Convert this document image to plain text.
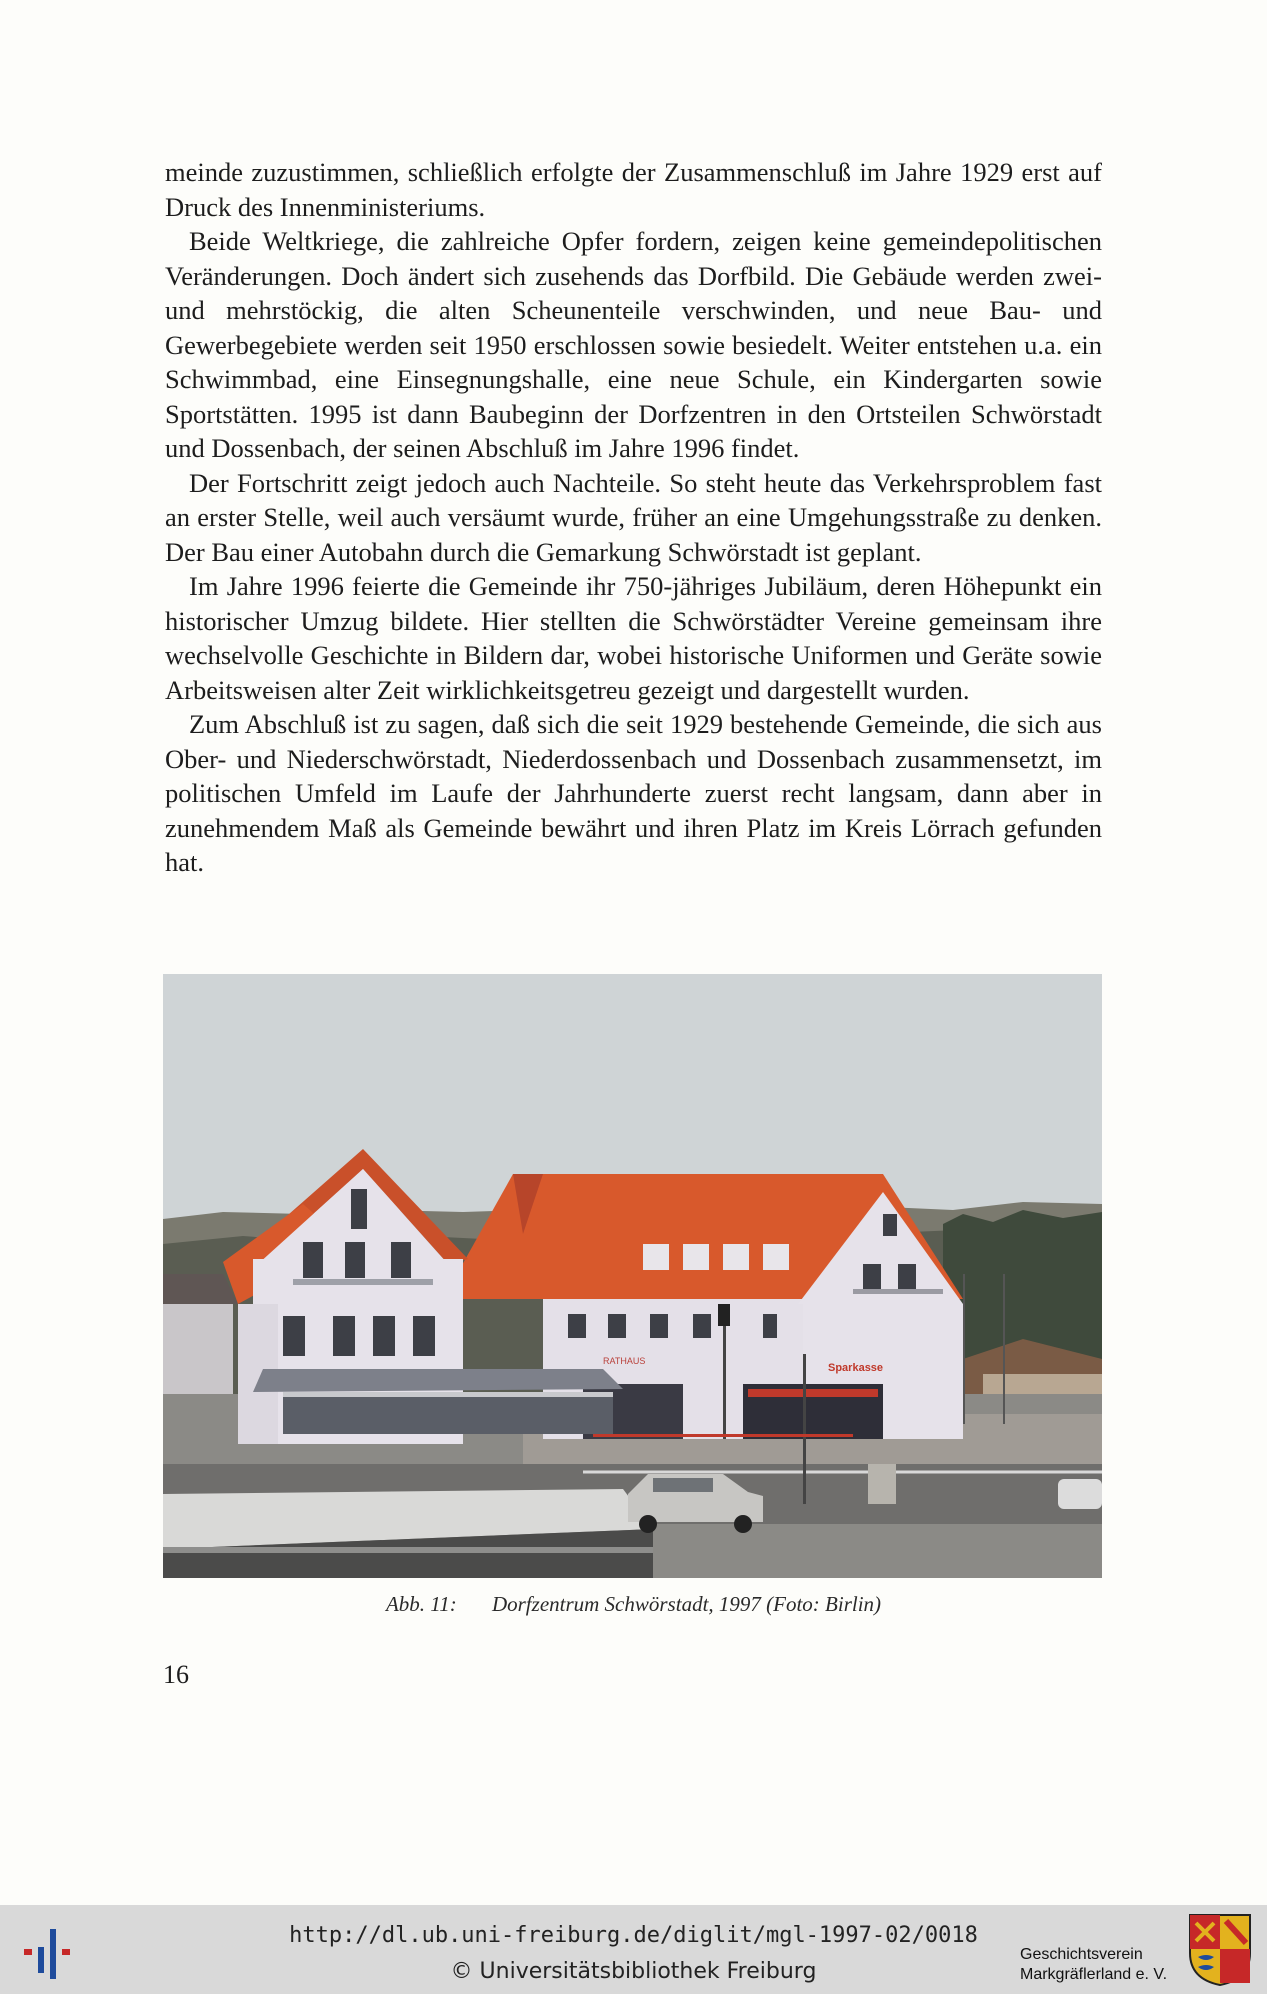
meinde zuzustimmen, schließlich erfolgte der Zusammenschluß im Jahre 1929 erst auf Druck des Innenministeriums.

Beide Weltkriege, die zahlreiche Opfer fordern, zeigen keine gemeindepolitischen Veränderungen. Doch ändert sich zusehends das Dorfbild. Die Gebäude werden zwei- und mehrstöckig, die alten Scheunenteile verschwinden, und neue Bau- und Gewerbegebiete werden seit 1950 erschlossen sowie besiedelt. Weiter entstehen u.a. ein Schwimmbad, eine Einsegnungshalle, eine neue Schule, ein Kindergarten sowie Sportstätten. 1995 ist dann Baubeginn der Dorfzentren in den Ortsteilen Schwörstadt und Dossenbach, der seinen Abschluß im Jahre 1996 findet.

Der Fortschritt zeigt jedoch auch Nachteile. So steht heute das Verkehrsproblem fast an erster Stelle, weil auch versäumt wurde, früher an eine Umgehungsstraße zu denken. Der Bau einer Autobahn durch die Gemarkung Schwörstadt ist geplant.

Im Jahre 1996 feierte die Gemeinde ihr 750-jähriges Jubiläum, deren Höhepunkt ein historischer Umzug bildete. Hier stellten die Schwörstädter Vereine gemeinsam ihre wechselvolle Geschichte in Bildern dar, wobei historische Uniformen und Geräte sowie Arbeitsweisen alter Zeit wirklichkeitsgetreu gezeigt und dargestellt wurden.

Zum Abschluß ist zu sagen, daß sich die seit 1929 bestehende Gemeinde, die sich aus Ober- und Niederschwörstadt, Niederdossenbach und Dossenbach zusammensetzt, im politischen Umfeld im Laufe der Jahrhunderte zuerst recht langsam, dann aber in zunehmendem Maß als Gemeinde bewährt und ihren Platz im Kreis Lörrach gefunden hat.

RATHAUS
Sparkasse
Abb. 11: Dorfzentrum Schwörstadt, 1997 (Foto: Birlin)
16
http://dl.ub.uni-freiburg.de/diglit/mgl-1997-02/0018
© Universitätsbibliothek Freiburg
Geschichtsverein
Markgräflerland e. V.
